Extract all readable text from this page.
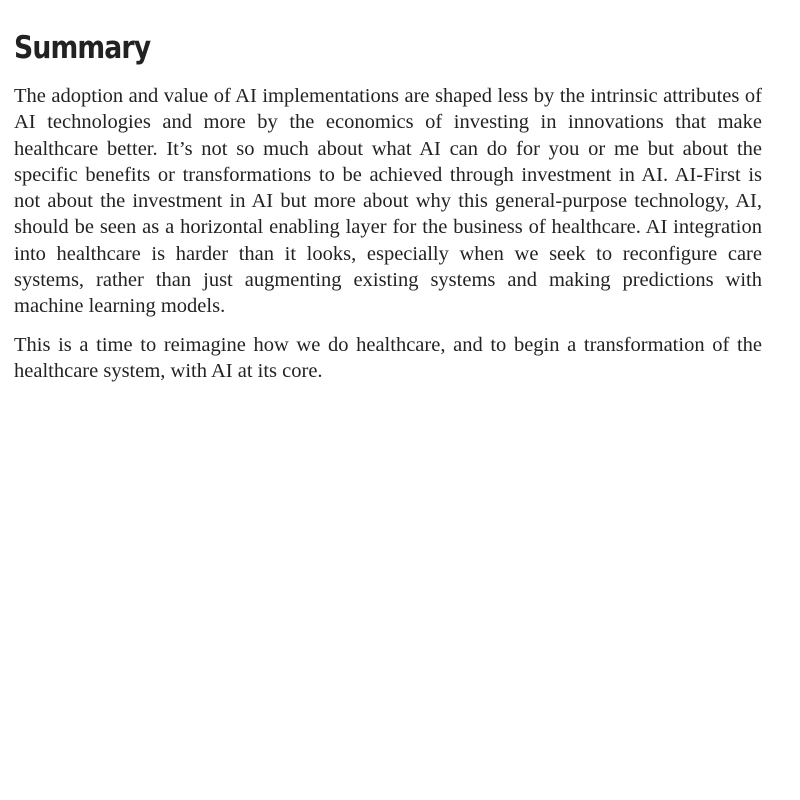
Summary

The adoption and value of AI implementations are shaped less by the intrinsic attributes of AI technologies and more by the economics of investing in innovations that make healthcare better. It’s not so much about what AI can do for you or me but about the specific benefits or transformations to be achieved through investment in AI. AI-First is not about the investment in AI but more about why this general-purpose technology, AI, should be seen as a horizontal enabling layer for the business of healthcare. AI integration into healthcare is harder than it looks, especially when we seek to reconfigure care systems, rather than just augmenting existing systems and making predictions with machine learning models.

This is a time to reimagine how we do healthcare, and to begin a transformation of the healthcare system, with AI at its core.
